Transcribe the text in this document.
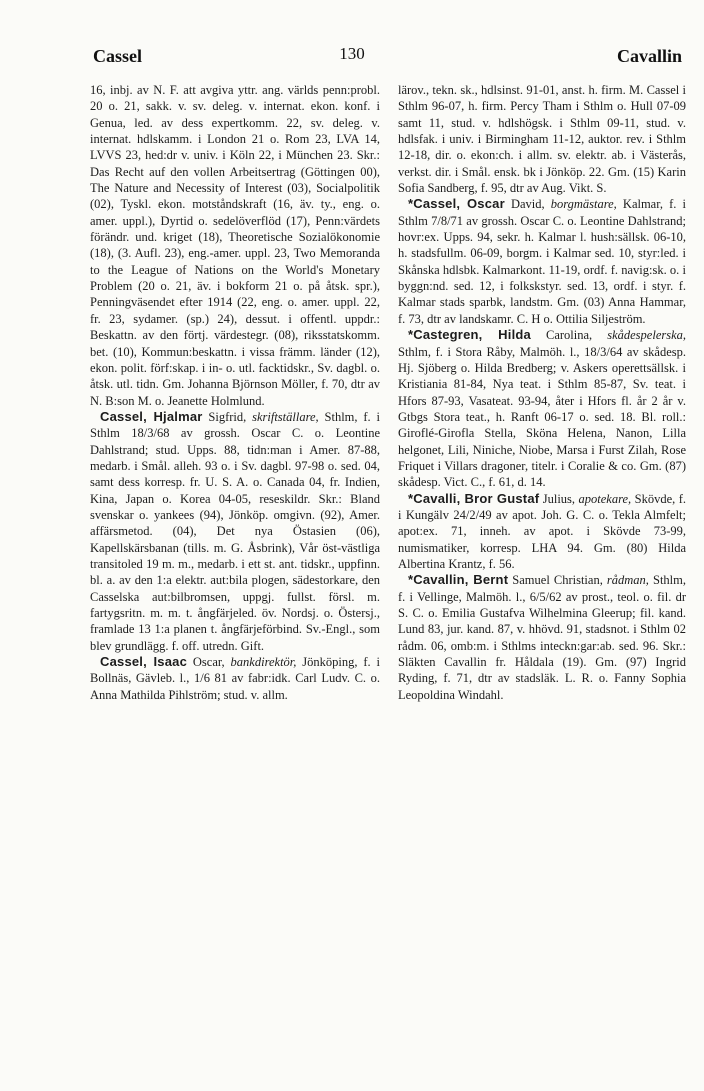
Cassel	130	Cavallin

16, inbj. av N. F. att avgiva yttr. ang. världs penn:probl. 20 o. 21, sakk. v. sv. deleg. v. internat. ekon. konf. i Genua, led. av dess expertkomm. 22, sv. deleg. v. internat. hdlskamm. i London 21 o. Rom 23, LVA 14, LVVS 23, hed:dr v. univ. i Köln 22, i München 23. Skr.: Das Recht auf den vollen Arbeitsertrag (Göttingen 00), The Nature and Necessity of Interest (03), Socialpolitik (02), Tyskl. ekon. motståndskraft (16, äv. ty., eng. o. amer. uppl.), Dyrtid o. sedelöverflöd (17), Penn:värdets förändr. und. kriget (18), Theoretische Sozialökonomie (18), (3. Aufl. 23), eng.-amer. uppl. 23, Two Memoranda to the League of Nations on the World's Monetary Problem (20 o. 21, äv. i bokform 21 o. på åtsk. spr.), Penningväsendet efter 1914 (22, eng. o. amer. uppl. 22, fr. 23, sydamer. (sp.) 24), dessut. i offentl. uppdr.: Beskattn. av den förtj. värdestegr. (08), riksstatskomm. bet. (10), Kommun:beskattn. i vissa främm. länder (12), ekon. polit. förf:skap. i in- o. utl. facktidskr., Sv. dagbl. o. åtsk. utl. tidn. Gm. Johanna Björnson Möller, f. 70, dtr av N. B:son M. o. Jeanette Holmlund.

Cassel, Hjalmar Sigfrid, skriftställare, Sthlm, f. i Sthlm 18/3/68 av grossh. Oscar C. o. Leontine Dahlstrand; stud. Upps. 88, tidn:man i Amer. 87-88, medarb. i Smål. alleh. 93 o. i Sv. dagbl. 97-98 o. sed. 04, samt dess korresp. fr. U. S. A. o. Canada 04, fr. Indien, Kina, Japan o. Korea 04-05, reseskildr. Skr.: Bland svenskar o. yankees (94), Jönköp. omgivn. (92), Amer. affärsmetod. (04), Det nya Östasien (06), Kapellskärsbanan (tills. m. G. Åsbrink), Vår öst-västliga transitoled 19 m. m., medarb. i ett st. ant. tidskr., uppfinn. bl. a. av den 1:a elektr. aut:bila plogen, sädestorkare, den Casselska aut:bilbromsen, uppgj. fullst. försl. m. fartygsritn. m. m. t. ångfärjeled. öv. Nordsj. o. Östersj., framlade 13 1:a planen t. ångfärjeförbind. Sv.-Engl., som blev grundlägg. f. off. utredn. Gift.

Cassel, Isaac Oscar, bankdirektör, Jönköping, f. i Bollnäs, Gävleb. l., 1/6 81 av fabr:idk. Carl Ludv. C. o. Anna Mathilda Pihlström; stud. v. allm.

lärov., tekn. sk., hdlsinst. 91-01, anst. h. firm. M. Cassel i Sthlm 96-07, h. firm. Percy Tham i Sthlm o. Hull 07-09 samt 11, stud. v. hdlshögsk. i Sthlm 09-11, stud. v. hdlsfak. i univ. i Birmingham 11-12, auktor. rev. i Sthlm 12-18, dir. o. ekon:ch. i allm. sv. elektr. ab. i Västerås, verkst. dir. i Smål. ensk. bk i Jönköp. 22. Gm. (15) Karin Sofia Sandberg, f. 95, dtr av Aug. Vikt. S.

*Cassel, Oscar David, borgmästare, Kalmar, f. i Sthlm 7/8/71 av grossh. Oscar C. o. Leontine Dahlstrand; hovr:ex. Upps. 94, sekr. h. Kalmar l. hush:sällsk. 06-10, h. stadsfullm. 06-09, borgm. i Kalmar sed. 10, styr:led. i Skånska hdlsbk. Kalmarkont. 11-19, ordf. f. navig:sk. o. i byggn:nd. sed. 12, i folkskstyr. sed. 13, ordf. i styr. f. Kalmar stads sparbk, landstm. Gm. (03) Anna Hammar, f. 73, dtr av landskamr. C. H o. Ottilia Siljeström.

*Castegren, Hilda Carolina, skådespelerska, Sthlm, f. i Stora Råby, Malmöh. l., 18/3/64 av skådesp. Hj. Sjöberg o. Hilda Bredberg; v. Askers operettsällsk. i Kristiania 81-84, Nya teat. i Sthlm 85-87, Sv. teat. i Hfors 87-93, Vasateat. 93-94, åter i Hfors fl. år 2 år v. Gtbgs Stora teat., h. Ranft 06-17 o. sed. 18. Bl. roll.: Giroflé-Girofla Stella, Sköna Helena, Nanon, Lilla helgonet, Lili, Niniche, Niobe, Marsa i Furst Zilah, Rose Friquet i Villars dragoner, titelr. i Coralie & co. Gm. (87) skådesp. Vict. C., f. 61, d. 14.

*Cavalli, Bror Gustaf Julius, apotekare, Skövde, f. i Kungälv 24/2/49 av apot. Joh. G. C. o. Tekla Almfelt; apot:ex. 71, inneh. av apot. i Skövde 73-99, numismatiker, korresp. LHA 94. Gm. (80) Hilda Albertina Krantz, f. 56.

*Cavallin, Bernt Samuel Christian, rådman, Sthlm, f. i Vellinge, Malmöh. l., 6/5/62 av prost., teol. o. fil. dr S. C. o. Emilia Gustafva Wilhelmina Gleerup; fil. kand. Lund 83, jur. kand. 87, v. hhövd. 91, stadsnot. i Sthlm 02 rådm. 06, omb:m. i Sthlms inteckn:gar:ab. sed. 96. Skr.: Släkten Cavallin fr. Håldala (19). Gm. (97) Ingrid Ryding, f. 71, dtr av stadsläk. L. R. o. Fanny Sophia Leopoldina Windahl.
